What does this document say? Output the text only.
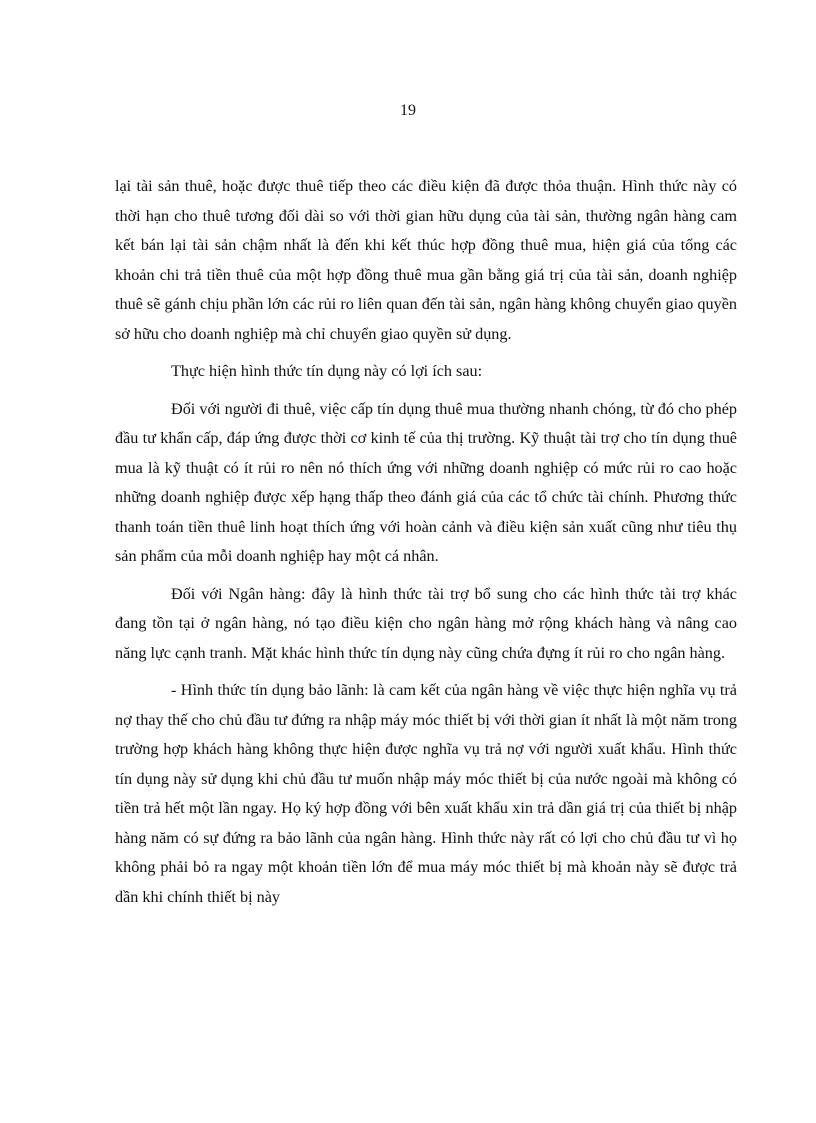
19

lại tài sản thuê, hoặc được thuê tiếp theo các điều kiện đã được thỏa thuận. Hình thức này có thời hạn cho thuê tương đối dài so với thời gian hữu dụng của tài sản, thường ngân hàng cam kết bán lại tài sản chậm nhất là đến khi kết thúc hợp đồng thuê mua, hiện giá của tổng các khoản chi trả tiền thuê của một hợp đồng thuê mua gần bằng giá trị của tài sản, doanh nghiệp thuê sẽ gánh chịu phần lớn các rủi ro liên quan đến tài sản, ngân hàng không chuyển giao quyền sở hữu cho doanh nghiệp mà chỉ chuyển giao quyền sử dụng.

Thực hiện hình thức tín dụng này có lợi ích sau:

Đối với người đi thuê, việc cấp tín dụng thuê mua thường nhanh chóng, từ đó cho phép đầu tư khẩn cấp, đáp ứng được thời cơ kinh tế của thị trường. Kỹ thuật tài trợ cho tín dụng thuê mua là kỹ thuật có ít rủi ro nên nó thích ứng với những doanh nghiệp có mức rủi ro cao hoặc những doanh nghiệp được xếp hạng thấp theo đánh giá của các tổ chức tài chính. Phương thức thanh toán tiền thuê linh hoạt thích ứng với hoàn cảnh và điều kiện sản xuất cũng như tiêu thụ sản phẩm của mỗi doanh nghiệp hay một cá nhân.

Đối với Ngân hàng: đây là hình thức tài trợ bổ sung cho các hình thức tài trợ khác đang tồn tại ở ngân hàng, nó tạo điều kiện cho ngân hàng mở rộng khách hàng và nâng cao năng lực cạnh tranh. Mặt khác hình thức tín dụng này cũng chứa đựng ít rủi ro cho ngân hàng.

- Hình thức tín dụng bảo lãnh: là cam kết của ngân hàng về việc thực hiện nghĩa vụ trả nợ thay thế cho chủ đầu tư đứng ra nhập máy móc thiết bị với thời gian ít nhất là một năm trong trường hợp khách hàng không thực hiện được nghĩa vụ trả nợ với người xuất khẩu. Hình thức tín dụng này sử dụng khi chủ đầu tư muốn nhập máy móc thiết bị của nước ngoài mà không có tiền trả hết một lần ngay. Họ ký hợp đồng với bên xuất khẩu xin trả dần giá trị của thiết bị nhập hàng năm có sự đứng ra bảo lãnh của ngân hàng. Hình thức này rất có lợi cho chủ đầu tư vì họ không phải bỏ ra ngay một khoản tiền lớn để mua máy móc thiết bị mà khoản này sẽ được trả dần khi chính thiết bị này
